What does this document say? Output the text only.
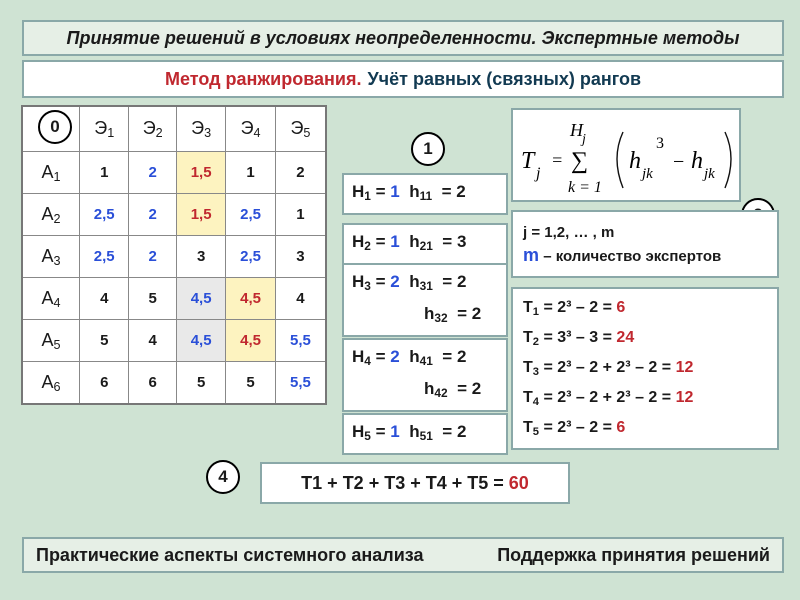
Принятие решений в условиях неопределенности. Экспертные методы
Метод ранжирования. Учёт равных (связных) рангов
	$Э_1$	$Э_2$	$Э_3$	$Э_4$	$Э_5$
$А_1$	1	2	1,5	1	2
$А_2$	2,5	2	1,5	2,5	1
$А_3$	2,5	2	3	2,5	3
$А_4$	4	5	4,5	4,5	4
$А_5$	5	4	4,5	4,5	5,5
$А_6$	6	6	5	5	5,5
0
1
4
$H_1 = 1$  $h_{11} = 2$
$H_2 = 1$  $h_{21} = 3$
$H_3 = 2$  $h_{31} = 2$
$h_{32} = 2$
$H_4 = 2$  $h_{41} = 2$
$h_{42} = 2$
$H_5 = 1$  $h_{51} = 2$
T j
=
H j
∑
k = 1
h jk
3
− h jk
j = 1,2, … , m
m – количество экспертов
$T_1 = 2^3 - 2 = 6$
$T_2 = 3^3 - 3 = 24$
$T_3 = 2^3 - 2 + 2^3 - 2 = 12$
$T_4 = 2^3 - 2 + 2^3 - 2 = 12$
$T_5 = 2^3 - 2 = 6$
T1 + T2 + T3 + T4 + T5 =
60
Практические аспекты системного анализа	Поддержка принятия решений
